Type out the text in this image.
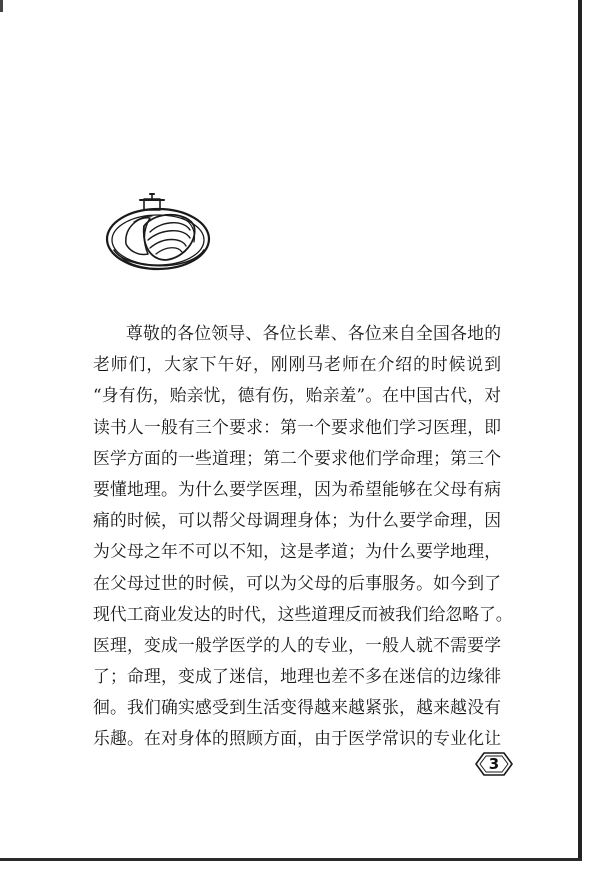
尊敬的各位领导、各位长辈、各位来自全国各地的
老师们，大家下午好，刚刚马老师在介绍的时候说到
“身有伤，贻亲忧，德有伤，贻亲羞”。在中国古代，对
读书人一般有三个要求：第一个要求他们学习医理，即
医学方面的一些道理；第二个要求他们学命理；第三个
要懂地理。为什么要学医理，因为希望能够在父母有病
痛的时候，可以帮父母调理身体；为什么要学命理，因
为父母之年不可以不知，这是孝道；为什么要学地理，
在父母过世的时候，可以为父母的后事服务。如今到了
现代工商业发达的时代，这些道理反而被我们给忽略了。
医理，变成一般学医学的人的专业，一般人就不需要学
了；命理，变成了迷信，地理也差不多在迷信的边缘徘
徊。我们确实感受到生活变得越来越紧张，越来越没有
乐趣。在对身体的照顾方面，由于医学常识的专业化让
3
